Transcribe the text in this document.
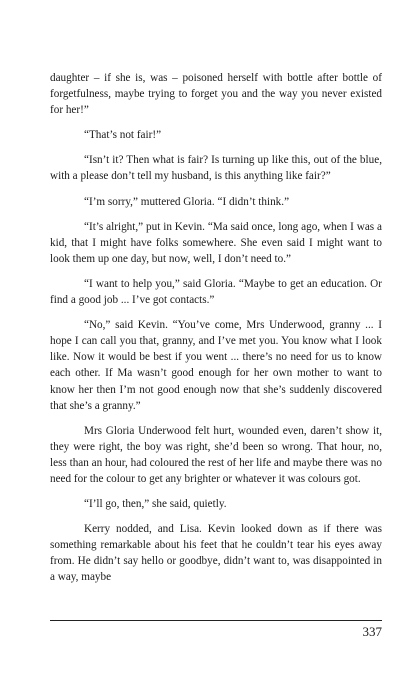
daughter – if she is, was – poisoned herself with bottle after bottle of forgetfulness, maybe trying to forget you and the way you never existed for her!”

“That’s not fair!”

“Isn’t it? Then what is fair? Is turning up like this, out of the blue, with a please don’t tell my husband, is this anything like fair?”

“I’m sorry,” muttered Gloria. “I didn’t think.”

“It’s alright,” put in Kevin. “Ma said once, long ago, when I was a kid, that I might have folks somewhere. She even said I might want to look them up one day, but now, well, I don’t need to.”

“I want to help you,” said Gloria. “Maybe to get an education. Or find a good job ... I’ve got contacts.”

“No,” said Kevin. “You’ve come, Mrs Underwood, granny ... I hope I can call you that, granny, and I’ve met you. You know what I look like. Now it would be best if you went ... there’s no need for us to know each other. If Ma wasn’t good enough for her own mother to want to know her then I’m not good enough now that she’s suddenly discovered that she’s a granny.”

Mrs Gloria Underwood felt hurt, wounded even, daren’t show it, they were right, the boy was right, she’d been so wrong. That hour, no, less than an hour, had coloured the rest of her life and maybe there was no need for the colour to get any brighter or whatever it was colours got.

“I’ll go, then,” she said, quietly.

Kerry nodded, and Lisa. Kevin looked down as if there was something remarkable about his feet that he couldn’t tear his eyes away from. He didn’t say hello or goodbye, didn’t want to, was disappointed in a way, maybe

337
